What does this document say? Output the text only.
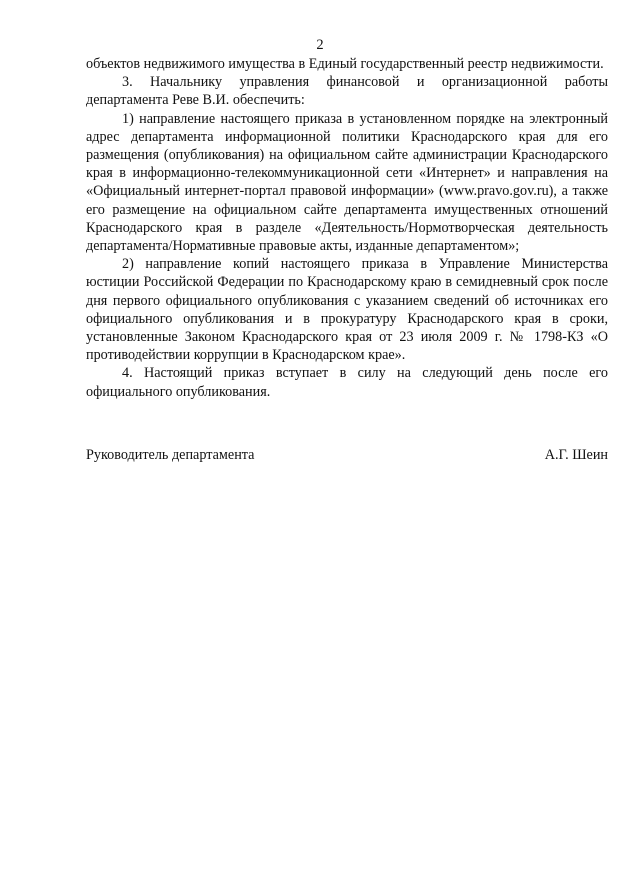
2

объектов недвижимого имущества в Единый государственный реестр недвижимости.

3. Начальнику управления финансовой и организационной работы департамента Реве В.И. обеспечить:

1) направление настоящего приказа в установленном порядке на электронный адрес департамента информационной политики Краснодарского края для его размещения (опубликования) на официальном сайте администрации Краснодарского края в информационно-телекоммуникационной сети «Интернет» и направления на «Официальный интернет-портал правовой информации» (www.pravo.gov.ru), а также его размещение на официальном сайте департамента имущественных отношений Краснодарского края в разделе «Деятельность/Нормотворческая деятельность департамента/Нормативные правовые акты, изданные департаментом»;

2) направление копий настоящего приказа в Управление Министерства юстиции Российской Федерации по Краснодарскому краю в семидневный срок после дня первого официального опубликования с указанием сведений об источниках его официального опубликования и в прокуратуру Краснодарского края в сроки, установленные Законом Краснодарского края от 23 июля 2009 г. № 1798-КЗ «О противодействии коррупции в Краснодарском крае».

4. Настоящий приказ вступает в силу на следующий день после его официального опубликования.

Руководитель департамента	А.Г. Шеин
